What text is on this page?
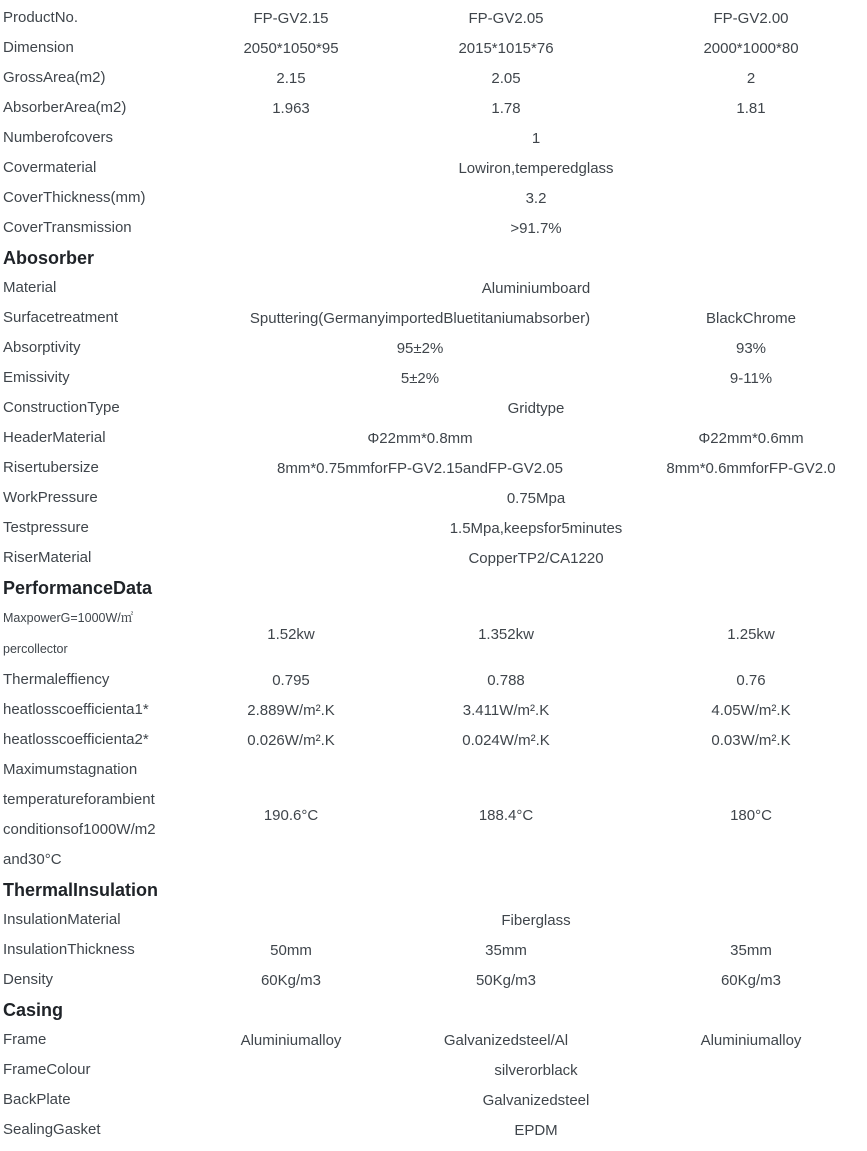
ProductNo.	FP-GV2.15	FP-GV2.05	FP-GV2.00

Dimension	2050*1050*95	2015*1015*76	2000*1000*80

GrossArea(m2)	2.15	2.05	2

AbsorberArea(m2)	1.963	1.78	1.81

Numberofcovers	1		

Covermaterial	Lowiron,temperedglass		

CoverThickness(mm)	3.2		

CoverTransmission	>91.7%		
Abosorber			

Material	Aluminiumboard		

Surfacetreatment	Sputtering(GermanyimportedBluetitaniumabsorber)		BlackChrome

Absorptivity	95±2%		93%

Emissivity	5±2%		9-11%

ConstructionType	Gridtype		

HeaderMaterial	Φ22mm*0.8mm		Φ22mm*0.6mm

Risertubersize	8mm*0.75mmforFP-GV2.15andFP-GV2.05		8mm*0.6mmforFP-GV2.0

WorkPressure	0.75Mpa		

Testpressure	1.5Mpa,keepsfor5minutes		

RiserMaterial	CopperTP2/CA1220		
PerformanceData			

MaxpowerG=1000W/㎡
percollector	1.52kw	1.352kw	1.25kw

Thermaleffiency	0.795	0.788	0.76

heatlosscoefficienta1*	2.889W/m².K	3.411W/m².K	4.05W/m².K

heatlosscoefficienta2*	0.026W/m².K	0.024W/m².K	0.03W/m².K

Maximumstagnation
temperatureforambient
conditionsof1000W/m2
and30°C	190.6°C	188.4°C	180°C
ThermalInsulation			

InsulationMaterial	Fiberglass		

InsulationThickness	50mm	35mm	35mm

Density	60Kg/m3	50Kg/m3	60Kg/m3
Casing			

Frame	Aluminiumalloy	Galvanizedsteel/Al	Aluminiumalloy

FrameColour	silverorblack		

BackPlate	Galvanizedsteel		

SealingGasket	EPDM		
